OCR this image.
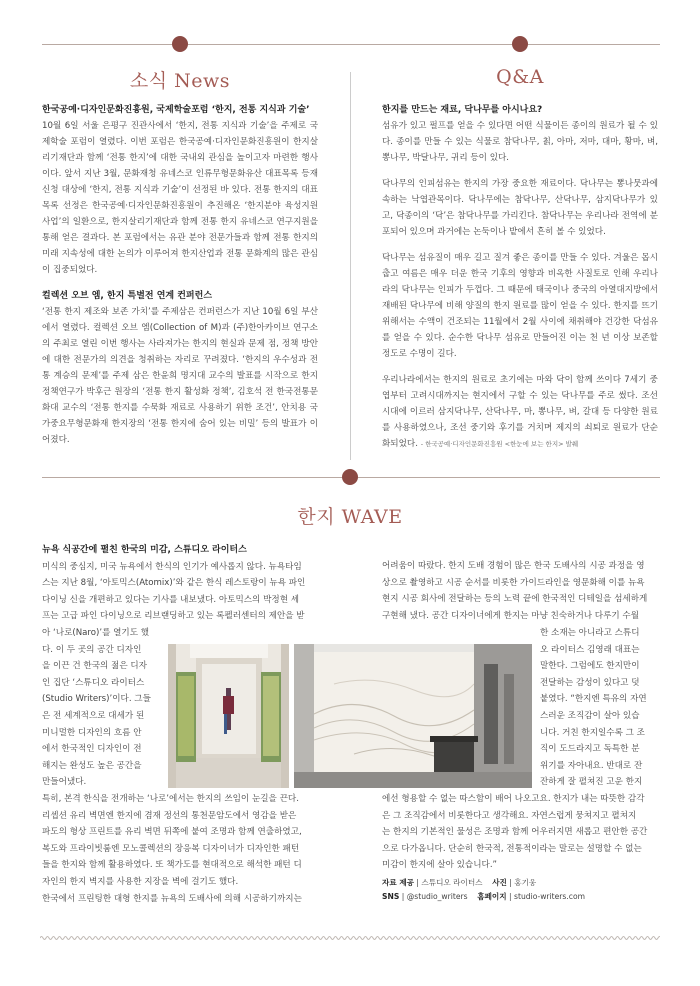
소식 News
한국공예·디자인문화진흥원, 국제학술포럼 ‘한지, 전통 지식과 기술’

10월 6일 서울 은평구 진관사에서 ‘한지, 전통 지식과 기술’을 주제로 국제학술 포럼이 열렸다. 이번 포럼은 한국공예·디자인문화진흥원이 한지살리기재단과 함께 ‘전통 한지’에 대한 국내외 관심을 높이고자 마련한 행사이다. 앞서 지난 3월, 문화재청 유네스코 인류무형문화유산 대표목록 등재 신청 대상에 ‘한지, 전통 지식과 기술’이 선정된 바 있다. 전통 한지의 대표목록 선정은 한국공예·디자인문화진흥원이 추진해온 ‘한지분야 육성지원 사업’의 일환으로, 한지살리기재단과 함께 전통 한지 유네스코 연구지원을 통해 얻은 결과다. 본 포럼에서는 유관 분야 전문가들과 함께 전통 한지의 미래 지속성에 대한 논의가 이루어져 한지산업과 전통 문화계의 많은 관심이 집중되었다.

컬렉션 오브 엠, 한지 특별전 연계 컨퍼런스

‘전통 한지 제조와 보존 가치’를 주제삼은 컨퍼런스가 지난 10월 6일 부산에서 열렸다. 컬렉션 오브 엠(Collection of M)과 (주)한아카이브 연구소의 주최로 열린 이번 행사는 사라져가는 한지의 현실과 문제 점, 정책 방안에 대한 전문가의 의견을 청취하는 자리로 꾸려졌다. ‘한지의 우수성과 전통 계승의 문제’를 주제 삼은 한윤희 명지대 교수의 발표를 시작으로 한지정책연구가 박후근 원장의 ‘전통 한지 활성화 정책’, 김호석 전 한국전통문화대 교수의 ‘전통 한지를 수묵화 재료로 사용하기 위한 조건’, 안치용 국가중요무형문화재 한지장의 ‘전통 한지에 숨어 있는 비밀’ 등의 발표가 이어졌다.

Q&A
한지를 만드는 재료, 닥나무를 아시나요?

섬유가 있고 펄프를 얻을 수 있다면 어떤 식물이든 종이의 원료가 될 수 있다. 종이를 만들 수 있는 식물로 참닥나무, 칡, 아마, 저마, 대마, 황마, 벼, 뽕나무, 박달나무, 귀리 등이 있다.

닥나무의 인피섬유는 한지의 가장 중요한 재료이다. 닥나무는 뽕나뭇과에 속하는 낙엽관목이다. 닥나무에는 참닥나무, 산닥나무, 삼지닥나무가 있고, 닥종이의 ‘닥’은 참닥나무를 가리킨다. 참닥나무는 우리나라 전역에 분포되어 있으며 과거에는 논둑이나 밭에서 흔히 볼 수 있었다.

닥나무는 섬유질이 매우 길고 질겨 좋은 종이를 만들 수 있다. 겨울은 몹시 춥고 여름은 매우 더운 한국 기후의 영향과 비옥한 사질토로 인해 우리나라의 닥나무는 인피가 두껍다. 그 때문에 태국이나 중국의 아열대지방에서 재배된 닥나무에 비해 양질의 한지 원료를 많이 얻을 수 있다. 한지를 뜨기 위해서는 수액이 건조되는 11월에서 2월 사이에 채취해야 건강한 닥섬유를 얻을 수 있다. 순수한 닥나무 섬유로 만들어진 이는 천 년 이상 보존할 정도로 수명이 길다.

우리나라에서는 한지의 원료로 초기에는 마와 닥이 함께 쓰이다 7세기 중엽부터 고려시대까지는 현지에서 구할 수 있는 닥나무를 주로 썼다. 조선시대에 이르러 삼지닥나무, 산닥나무, 마, 뽕나무, 벼, 갈대 등 다양한 원료를 사용하였으나, 조선 중기와 후기를 거치며 제지의 쇠퇴로 원료가 단순화되었다. - 한국공예·디자인문화진흥원 <한눈에 보는 한지> 발췌

한지 WAVE
뉴욕 식공간에 펼친 한국의 미감, 스튜디오 라이터스

미식의 중심지, 미국 뉴욕에서 한식의 인기가 예사롭지 않다. 뉴욕타임

스는 지난 8월, ‘아토믹스(Atomix)’와 같은 한식 레스토랑이 뉴욕 파인

다이닝 신을 개편하고 있다는 기사를 내보냈다. 아토믹스의 박정현 셰

프는 고급 파인 다이닝으로 리브랜딩하고 있는 록펠러센터의 제안을 받

아 ‘나로(Naro)’를 열기도 했

다. 이 두 곳의 공간 디자인

을 이끈 건 한국의 젊은 디자

인 집단 ‘스튜디오 라이터스

(Studio Writers)’이다. 그들

은 전 세계적으로 대세가 된

미니멀한 디자인의 흐름 안

에서 한국적인 디자인이 전

해지는 완성도 높은 공간을

만들어냈다.

특히, 본격 한식을 전개하는 ‘나로’에서는 한지의 쓰임이 눈길을 끈다.

리셉션 유리 벽면엔 한지에 겸재 정선의 통천문암도에서 영감을 받은

파도의 형상 프린트를 유리 벽면 뒤쪽에 붙여 조명과 함께 연출하였고,

복도와 프라이빗룸엔 모노콜렉션의 장응복 디자이너가 디자인한 패턴

들을 한지와 함께 활용하였다. 또 책가도를 현대적으로 해석한 패턴 디

자인의 한지 벽지를 사용한 지장을 벽에 걸기도 했다.

한국에서 프린팅한 대형 한지를 뉴욕의 도배사에 의해 시공하기까지는

어려움이 따랐다. 한지 도배 경험이 많은 한국 도배사의 시공 과정을 영

상으로 촬영하고 시공 순서를 비롯한 가이드라인을 영문화해 이를 뉴욕

현지 시공 회사에 전달하는 등의 노력 끝에 한국적인 디테일을 섬세하게

구현해 냈다. 공간 디자이너에게 한지는 마냥 친숙하거나 다루기 수월

한 소재는 아니라고 스튜디

오 라이터스 김영래 대표는

말한다. 그럼에도 한지만이

전달하는 감성이 있다고 덧

붙였다. “한지엔 특유의 자연

스러운 조직감이 살아 있습

니다. 거친 한지일수록 그 조

직이 도드라지고 독특한 분

위기를 자아내요. 반대로 잔

잔하게 잘 펼쳐진 고운 한지

에선 형용할 수 없는 따스함이 배어 나오고요. 한지가 내는 따뜻한 감각

은 그 조직감에서 비롯한다고 생각해요. 자연스럽게 뭉쳐지고 펼쳐지

는 한지의 기본적인 물성은 조명과 함께 어우러지면 새롭고 편안한 공간

으로 다가옵니다. 단순히 한국적, 전통적이라는 말로는 설명할 수 없는

미감이 한지에 살아 있습니다.”

자료 제공 | 스튜디오 라이터스 사진 | 홍기웅
SNS | @studio_writers 홈페이지 | studio-writers.com
